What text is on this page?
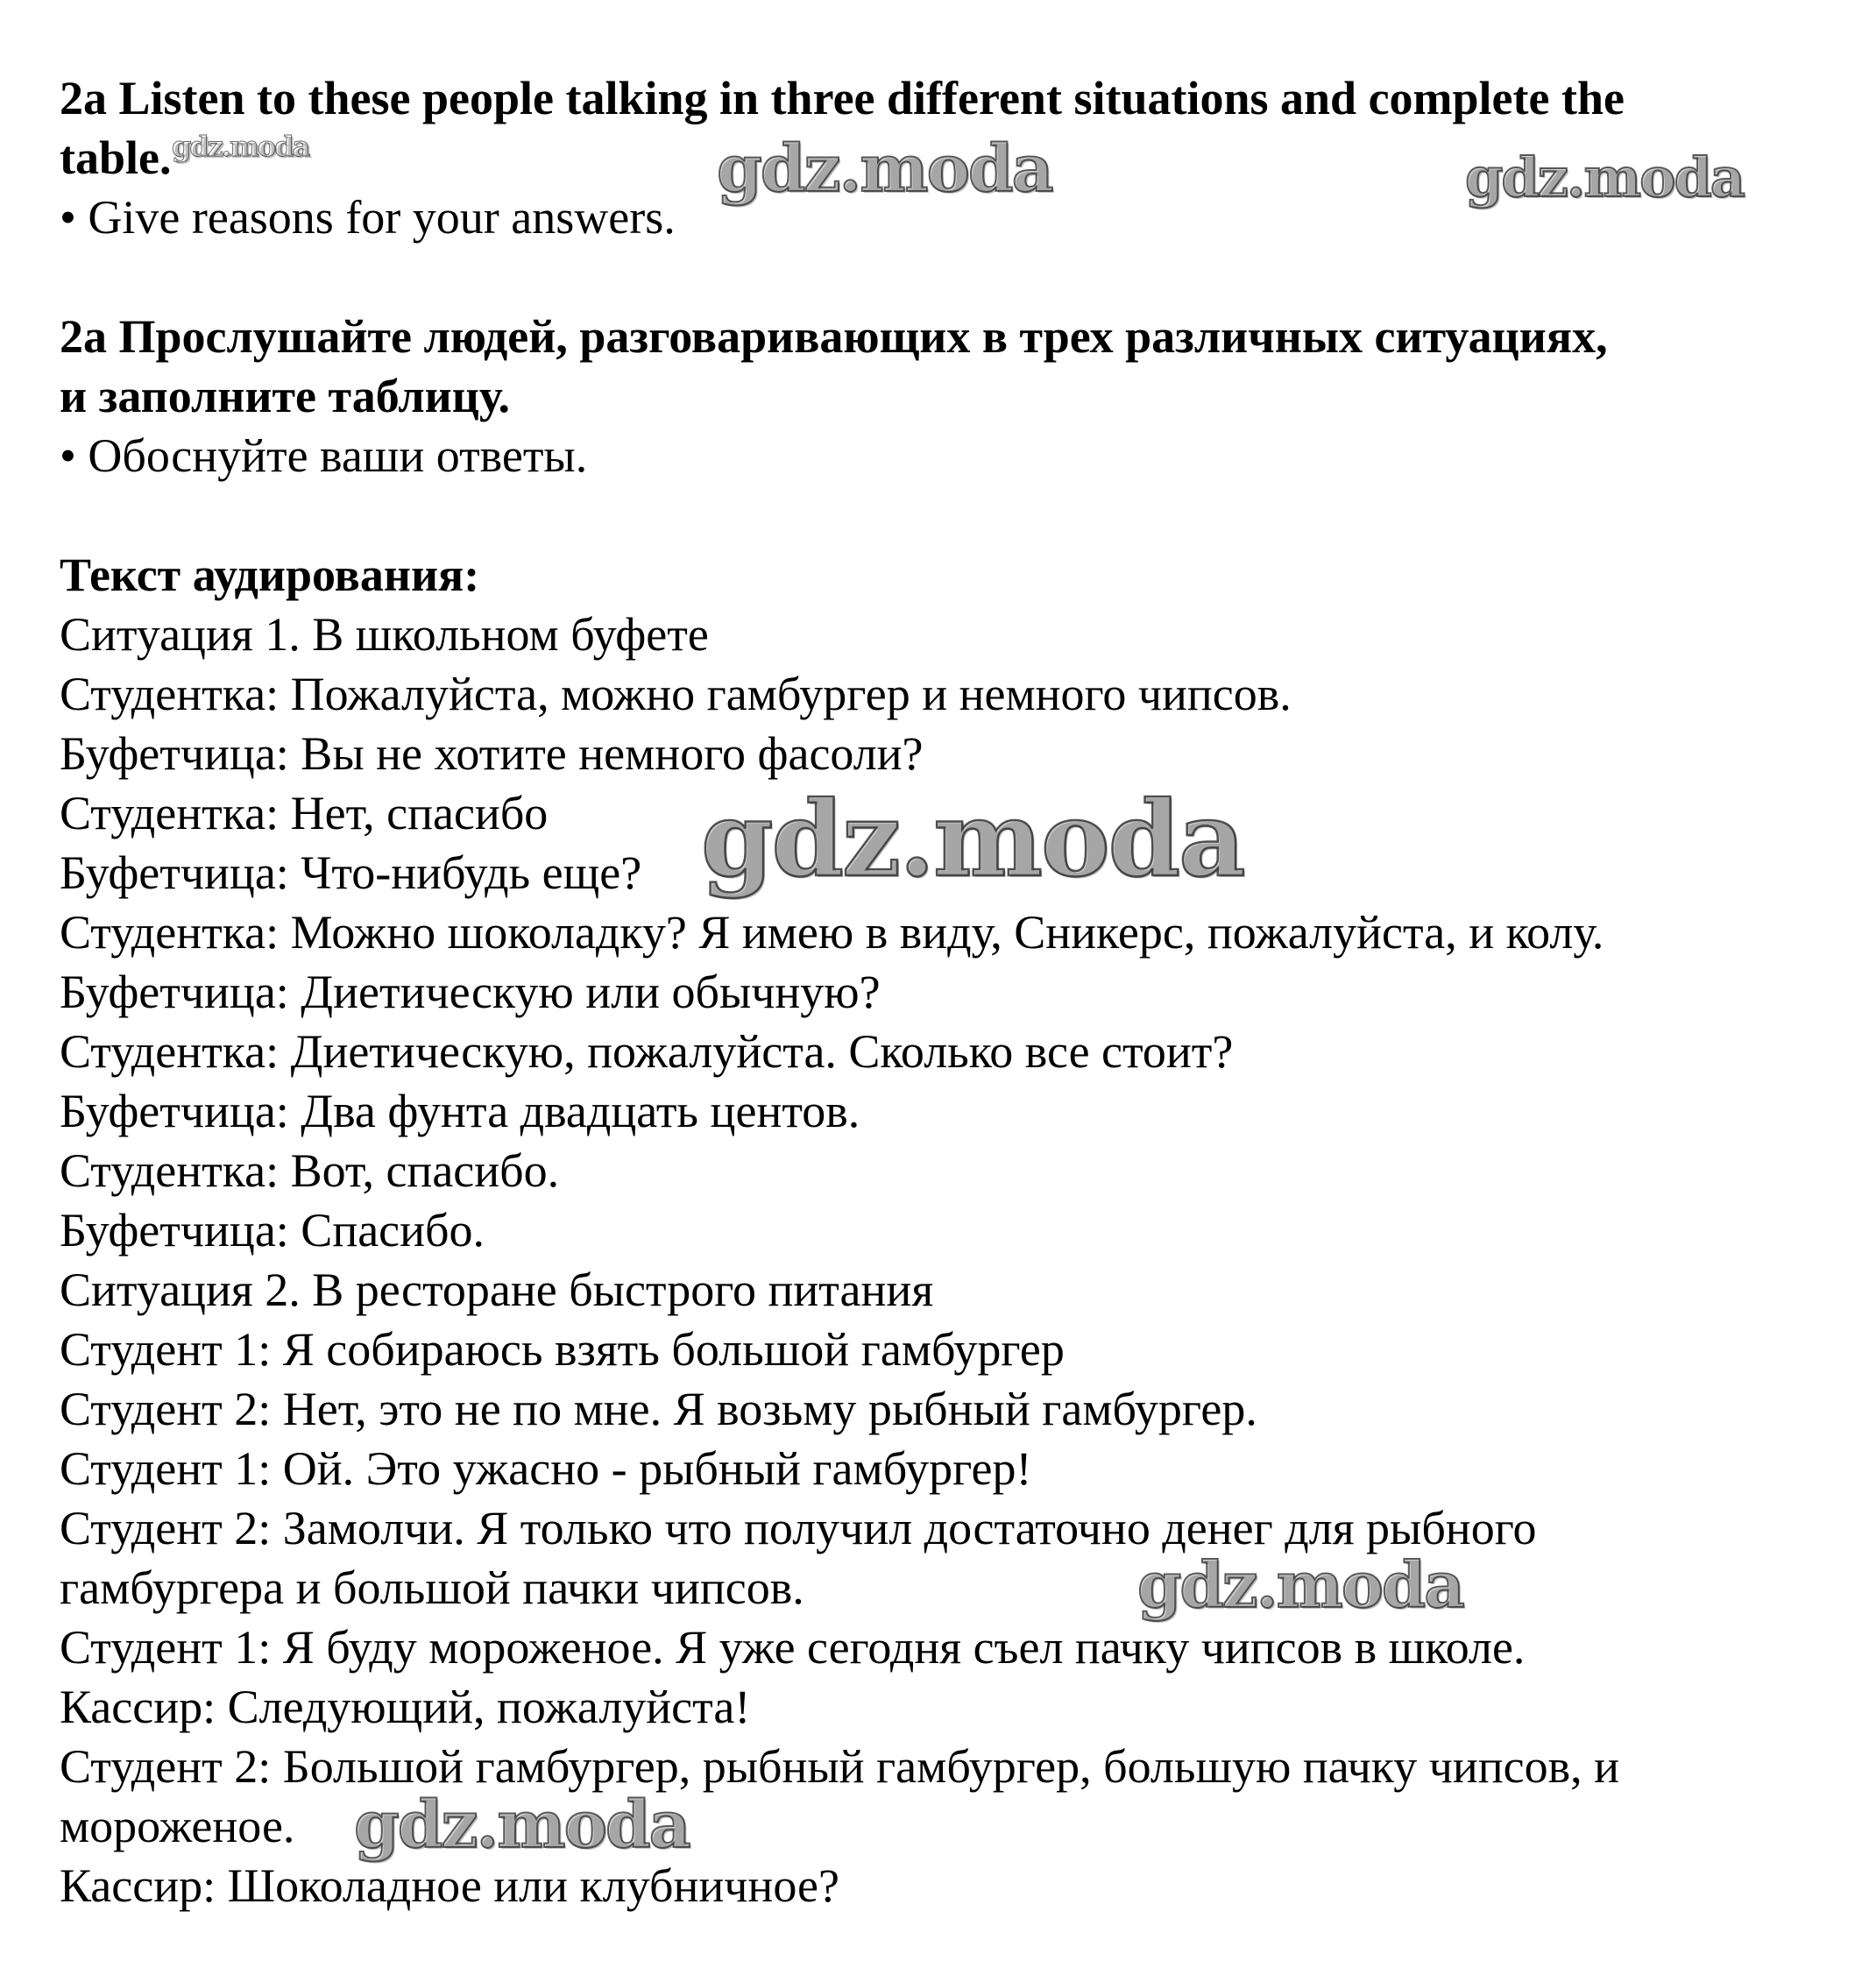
2a Listen to these people talking in three different situations and complete the
table.
• Give reasons for your answers.
2a Прослушайте людей, разговаривающих в трех различных ситуациях,
и заполните таблицу.
• Обоснуйте ваши ответы.
Текст аудирования:
Ситуация 1. В школьном буфете
Студентка: Пожалуйста, можно гамбургер и немного чипсов.
Буфетчица: Вы не хотите немного фасоли?
Студентка: Нет, спасибо
Буфетчица: Что-нибудь еще?
Студентка: Можно шоколадку? Я имею в виду, Сникерс, пожалуйста, и колу.
Буфетчица: Диетическую или обычную?
Студентка: Диетическую, пожалуйста. Сколько все стоит?
Буфетчица: Два фунта двадцать центов.
Студентка: Вот, спасибо.
Буфетчица: Спасибо.
Ситуация 2. В ресторане быстрого питания
Студент 1: Я собираюсь взять большой гамбургер
Студент 2: Нет, это не по мне. Я возьму рыбный гамбургер.
Студент 1: Ой. Это ужасно - рыбный гамбургер!
Студент 2: Замолчи. Я только что получил достаточно денег для рыбного
гамбургера и большой пачки чипсов.
Студент 1: Я буду мороженое. Я уже сегодня съел пачку чипсов в школе.
Кассир: Следующий, пожалуйста!
Студент 2: Большой гамбургер, рыбный гамбургер, большую пачку чипсов, и
мороженое.
Кассир: Шоколадное или клубничное?
gdz.moda	gdz.moda	gdz.moda
gdz.moda
gdz.moda
gdz.moda
